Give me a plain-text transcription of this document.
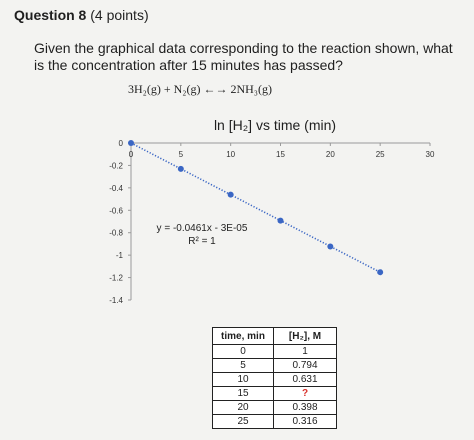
Question 8 (4 points)
Given the graphical data corresponding to the reaction shown, what is the concentration after 15 minutes has passed?
3H₂(g) + N₂(g) ←→ 2NH₃(g)
ln [H₂] vs time (min)
0	5	10	15	20	25	30
0
-0.2
-0.4
-0.6
-0.8
-1
-1.2
-1.4
y = -0.0461x - 3E-05
R² = 1
time, min	[H₂], M
0	1
5	0.794
10	0.631
15	?
20	0.398
25	0.316
